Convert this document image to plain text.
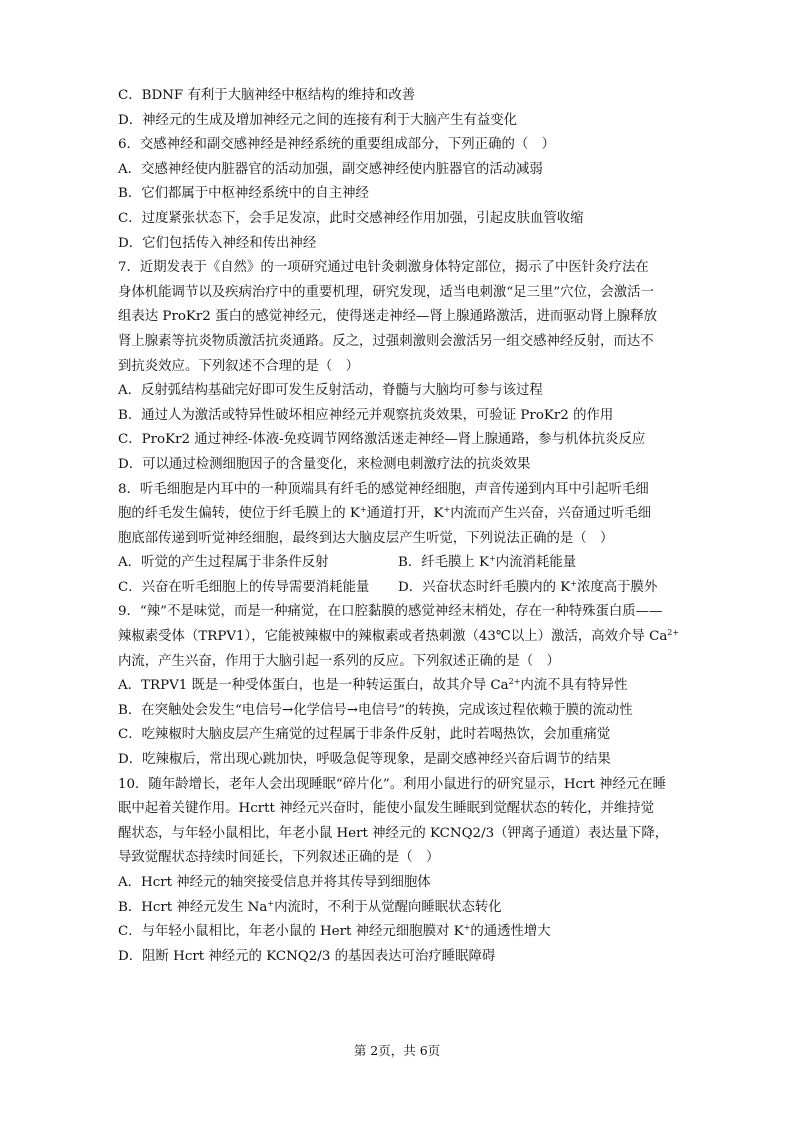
C．BDNF 有利于大脑神经中枢结构的维持和改善
D．神经元的生成及增加神经元之间的连接有利于大脑产生有益变化
6．交感神经和副交感神经是神经系统的重要组成部分，下列正确的（　）
A．交感神经使内脏器官的活动加强，副交感神经使内脏器官的活动减弱
B．它们都属于中枢神经系统中的自主神经
C．过度紧张状态下，会手足发凉，此时交感神经作用加强，引起皮肤血管收缩
D．它们包括传入神经和传出神经
7．近期发表于《自然》的一项研究通过电针灸刺激身体特定部位，揭示了中医针灸疗法在
身体机能调节以及疾病治疗中的重要机理，研究发现，适当电刺激“足三里”穴位，会激活一
组表达 ProKr2 蛋白的感觉神经元，使得迷走神经—肾上腺通路激活，进而驱动肾上腺释放
肾上腺素等抗炎物质激活抗炎通路。反之，过强刺激则会激活另一组交感神经反射，而达不
到抗炎效应。下列叙述不合理的是（　）
A．反射弧结构基础完好即可发生反射活动，脊髓与大脑均可参与该过程
B．通过人为激活或特异性破坏相应神经元并观察抗炎效果，可验证 ProKr2 的作用
C．ProKr2 通过神经-体液-免疫调节网络激活迷走神经—肾上腺通路，参与机体抗炎反应
D．可以通过检测细胞因子的含量变化，来检测电刺激疗法的抗炎效果
8．听毛细胞是内耳中的一种顶端具有纤毛的感觉神经细胞，声音传递到内耳中引起听毛细
胞的纤毛发生偏转，使位于纤毛膜上的 K+通道打开，K+内流而产生兴奋，兴奋通过听毛细
胞底部传递到听觉神经细胞，最终到达大脑皮层产生听觉，下列说法正确的是（　）
A．听觉的产生过程属于非条件反射	B．纤毛膜上 K+内流消耗能量
C．兴奋在听毛细胞上的传导需要消耗能量	D．兴奋状态时纤毛膜内的 K+浓度高于膜外
9．“辣”不是味觉，而是一种痛觉，在口腔黏膜的感觉神经末梢处，存在一种特殊蛋白质——
辣椒素受体（TRPV1），它能被辣椒中的辣椒素或者热刺激（43℃以上）激活，高效介导 $Ca^{2+}$
内流，产生兴奋，作用于大脑引起一系列的反应。下列叙述正确的是（　）
A．TRPV1 既是一种受体蛋白，也是一种转运蛋白，故其介导 $Ca^{2+}$内流不具有特异性
B．在突触处会发生“电信号→化学信号→电信号”的转换，完成该过程依赖于膜的流动性
C．吃辣椒时大脑皮层产生痛觉的过程属于非条件反射，此时若喝热饮，会加重痛觉
D．吃辣椒后，常出现心跳加快，呼吸急促等现象，是副交感神经兴奋后调节的结果
10．随年龄增长，老年人会出现睡眠“碎片化”。利用小鼠进行的研究显示，Hcrt 神经元在睡
眠中起着关键作用。Hcrtt 神经元兴奋时，能使小鼠发生睡眠到觉醒状态的转化，并维持觉
醒状态，与年轻小鼠相比，年老小鼠 Hert 神经元的 KCNQ2/3（钾离子通道）表达量下降，
导致觉醒状态持续时间延长，下列叙述正确的是（　）
A．Hcrt 神经元的轴突接受信息并将其传导到细胞体
B．Hcrt 神经元发生 Na+内流时，不利于从觉醒向睡眠状态转化
C．与年轻小鼠相比，年老小鼠的 Hert 神经元细胞膜对 K+的通透性增大
D．阻断 Hcrt 神经元的 KCNQ2/3 的基因表达可治疗睡眠障碍
第 2页，共 6页
